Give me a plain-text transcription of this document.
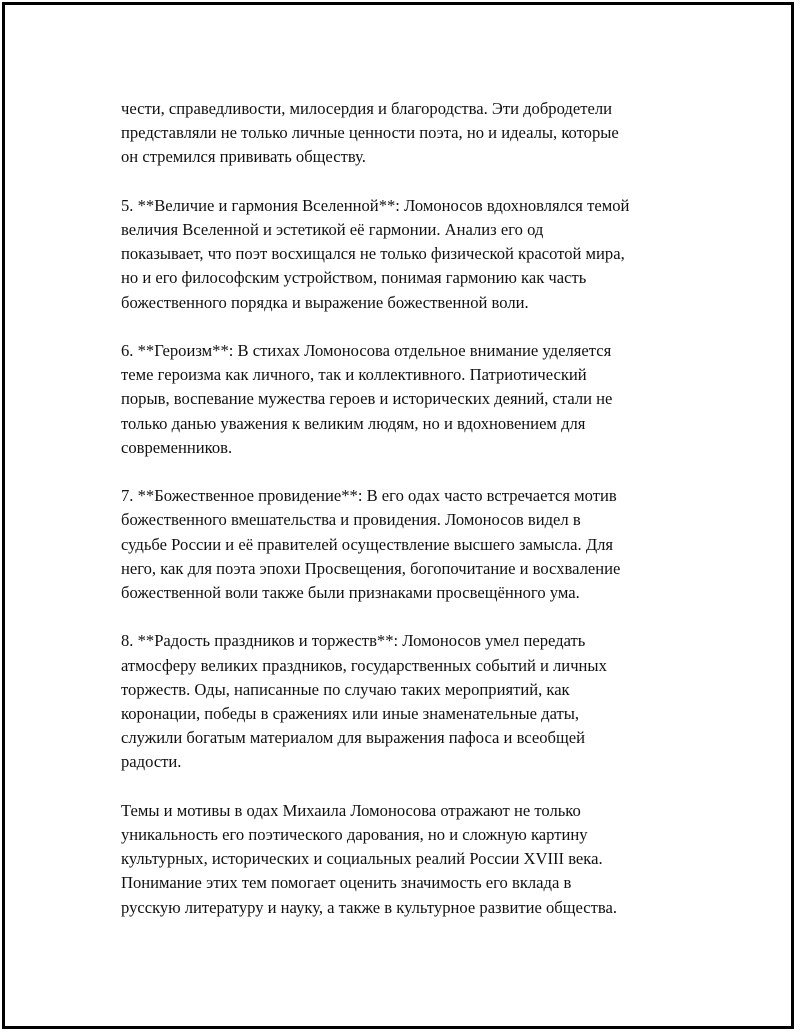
чести, справедливости, милосердия и благородства. Эти добродетели
представляли не только личные ценности поэта, но и идеалы, которые
он стремился прививать обществу.

5. **Величие и гармония Вселенной**: Ломоносов вдохновлялся темой
величия Вселенной и эстетикой её гармонии. Анализ его од
показывает, что поэт восхищался не только физической красотой мира,
но и его философским устройством, понимая гармонию как часть
божественного порядка и выражение божественной воли.

6. **Героизм**: В стихах Ломоносова отдельное внимание уделяется
теме героизма как личного, так и коллективного. Патриотический
порыв, воспевание мужества героев и исторических деяний, стали не
только данью уважения к великим людям, но и вдохновением для
современников.

7. **Божественное провидение**: В его одах часто встречается мотив
божественного вмешательства и провидения. Ломоносов видел в
судьбе России и её правителей осуществление высшего замысла. Для
него, как для поэта эпохи Просвещения, богопочитание и восхваление
божественной воли также были признаками просвещённого ума.

8. **Радость праздников и торжеств**: Ломоносов умел передать
атмосферу великих праздников, государственных событий и личных
торжеств. Оды, написанные по случаю таких мероприятий, как
коронации, победы в сражениях или иные знаменательные даты,
служили богатым материалом для выражения пафоса и всеобщей
радости.

Темы и мотивы в одах Михаила Ломоносова отражают не только
уникальность его поэтического дарования, но и сложную картину
культурных, исторических и социальных реалий России XVIII века.
Понимание этих тем помогает оценить значимость его вклада в
русскую литературу и науку, а также в культурное развитие общества.
